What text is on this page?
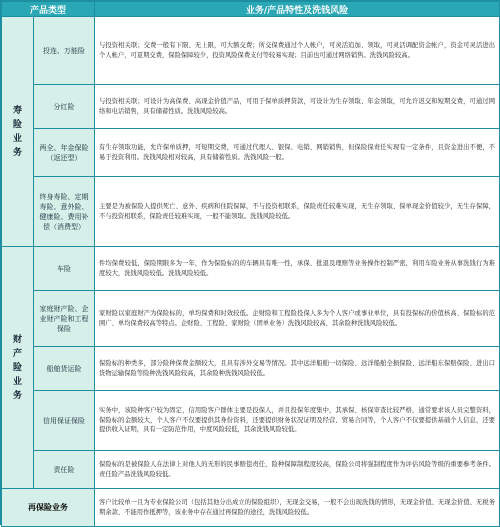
产品类型		业务/产品特性及洗钱风险
寿险业务	投连、万能险	与投资相关联；交费一般有下限、无上限，可大额交费；所交保费通过个人帐户，可灵活追加、领取，可灵活调配资金帐户，资金可灵活进出个人帐户，可趸期交费，保险保障较少，投资风险保费支付等较易实现；目前也可通过网络销售。洗钱风险较高。
	分红险	与投资相关联；可设计为高保费、高现金价值产品，可用于保单质押贷款，可设计为生存领取、年金领取，可允许迟交和短期交费，可通过网络和电话销售，具有储蓄性质。洗钱风险较高。
	两全、年金保险（返还型）	有生存领取功能，允许保单质押，可短期交费，可通过代理人、银保、电销、网销销售，但保险保责任实现有一定条件，且资金进出不便，不易于投资利用。洗钱风险相对较高，具有储蓄性质。洗钱风险一般。
	终身寿险、定期寿险、意外险、健康险、费用补偿（消费型）	主要是为被保险人提供死亡、意外、疾病和住院保障，不与投资相联系，保险责任较难实现，无生存领取、保单现金价值较少，无生存保障，不与投资相联系，保险责任较难实现，一般不能领取。洗钱风险较低。
财产险业务	车险	件均保费较低，保险期限多为一年，作为保险标的的车辆具有唯一性，承保、批退及理赔等业务操作控制严密，利用车险业务从事洗钱行为难度较大，洗钱风险较低。洗钱风险较低。
	家庭财产险、企业财产险和工程保险	家财险以家庭财产为保险标的，单均保费和时效较低。企财险和工程险投保人多为个人客户或事业单位，具有投保标的价值核高、保险标的范围广、单均保费较高等特点。企财险、工程险、家财险（团单业务）洗钱风险较高，其余险种洗钱风险较低。
	船舶货运险	保险标的种类多，部分险种保费金额较大，且具有涉外交易等情况。其中远洋船舶一切保险、远洋船舶全损保险、远洋船东保赔保险、进出口货物运输保险等险种洗钱风险较高，其余险种洗钱风险较低。
	信用保证保险	实务中，该险种客户较为固定，信用险客户群体主要是投保人，并且投保年度集中，其承保、核保审查比较严格，通常要求该人员完整资料，保险标的金额较大，个人客户不仅要提供其身份资料，还要提供财务状况证明及经营、贸易合同等，个人客户不仅要提供基础个人信息，还要提供收入证明，具有一定防范作用，中度风险较低，其余洗钱风险较低。
	责任险	保险标的是被保险人在法律上对他人的无形的民事赔偿责任，险种保障制程度较高，保险公司将强制程度作为评估风险等级的重要参考条件。责任险产品洗钱风险较低。
再保险业务		客户比较单一且为专业保险公司（包括其他分出成立的保险组织），无现金交易，一般不会出现洗钱的情形，无现金价值、无现金价值、无税务期余款、不能用作抵押等，该业务中存在通过再保险的途径，洗钱风险较低。
